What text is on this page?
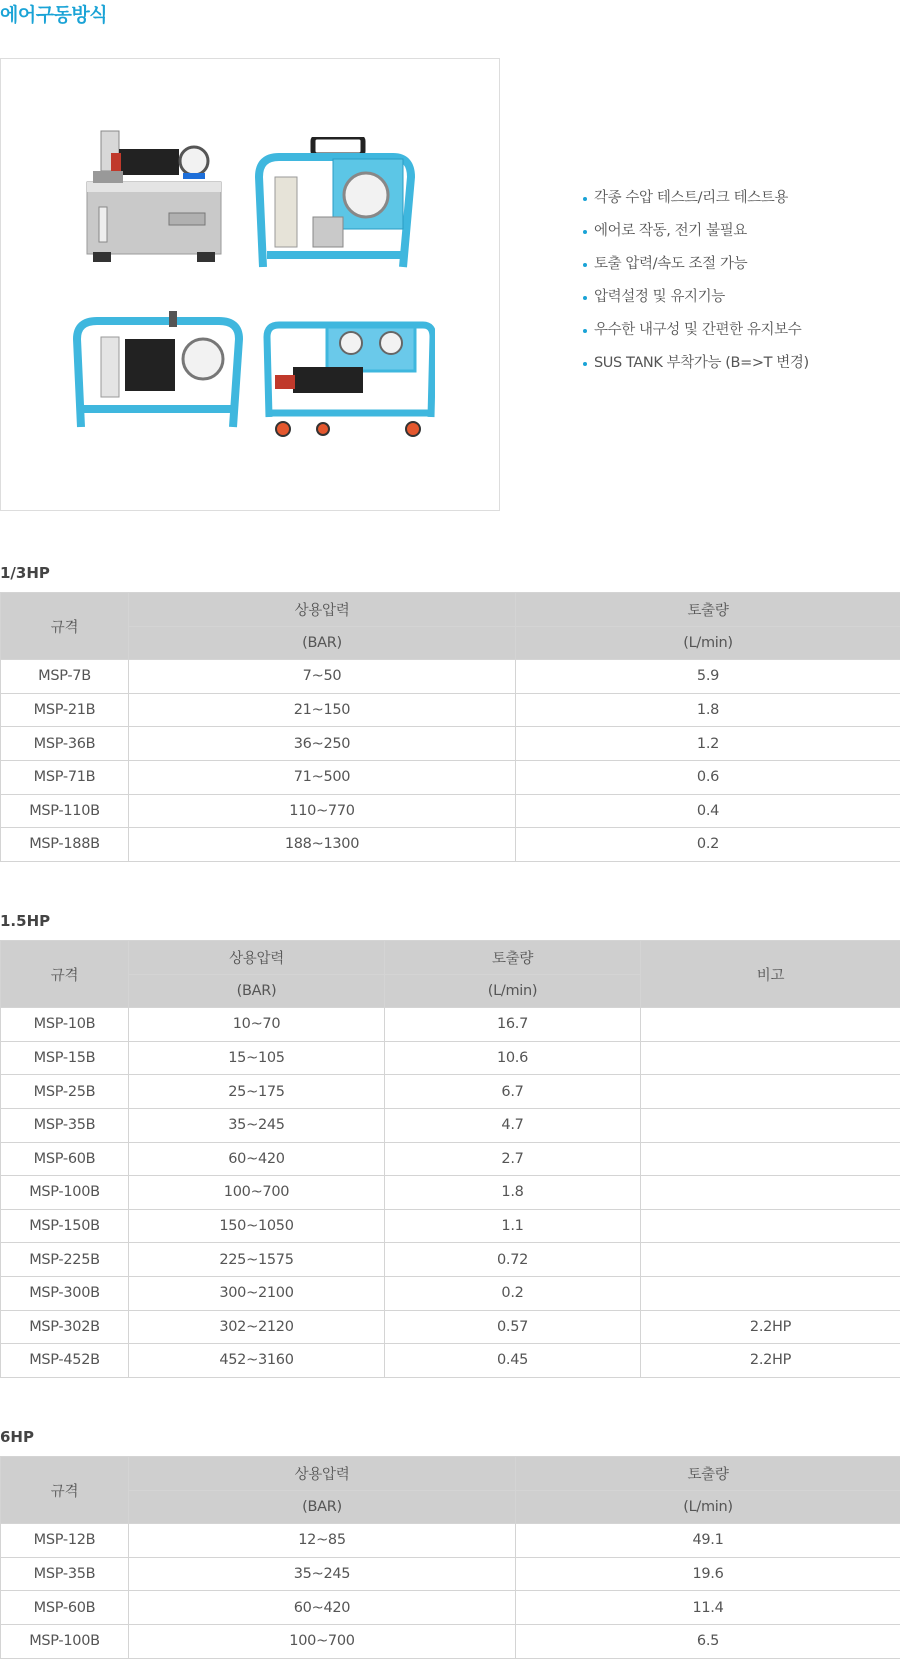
에어구동방식
각종 수압 테스트/리크 테스트용
에어로 작동, 전기 불필요
토출 압력/속도 조절 가능
압력설정 및 유지기능
우수한 내구성 및 간편한 유지보수
SUS TANK 부착가능 (B=>T 변경)
1/3HP
규격	상용압력	토출량
	(BAR)	(L/min)
MSP-7B	7~50	5.9
MSP-21B	21~150	1.8
MSP-36B	36~250	1.2
MSP-71B	71~500	0.6
MSP-110B	110~770	0.4
MSP-188B	188~1300	0.2
1.5HP
규격	상용압력	토출량	비고
	(BAR)	(L/min)	
MSP-10B	10~70	16.7	
MSP-15B	15~105	10.6	
MSP-25B	25~175	6.7	
MSP-35B	35~245	4.7	
MSP-60B	60~420	2.7	
MSP-100B	100~700	1.8	
MSP-150B	150~1050	1.1	
MSP-225B	225~1575	0.72	
MSP-300B	300~2100	0.2	
MSP-302B	302~2120	0.57	2.2HP
MSP-452B	452~3160	0.45	2.2HP
6HP
규격	상용압력	토출량
	(BAR)	(L/min)
MSP-12B	12~85	49.1
MSP-35B	35~245	19.6
MSP-60B	60~420	11.4
MSP-100B	100~700	6.5
